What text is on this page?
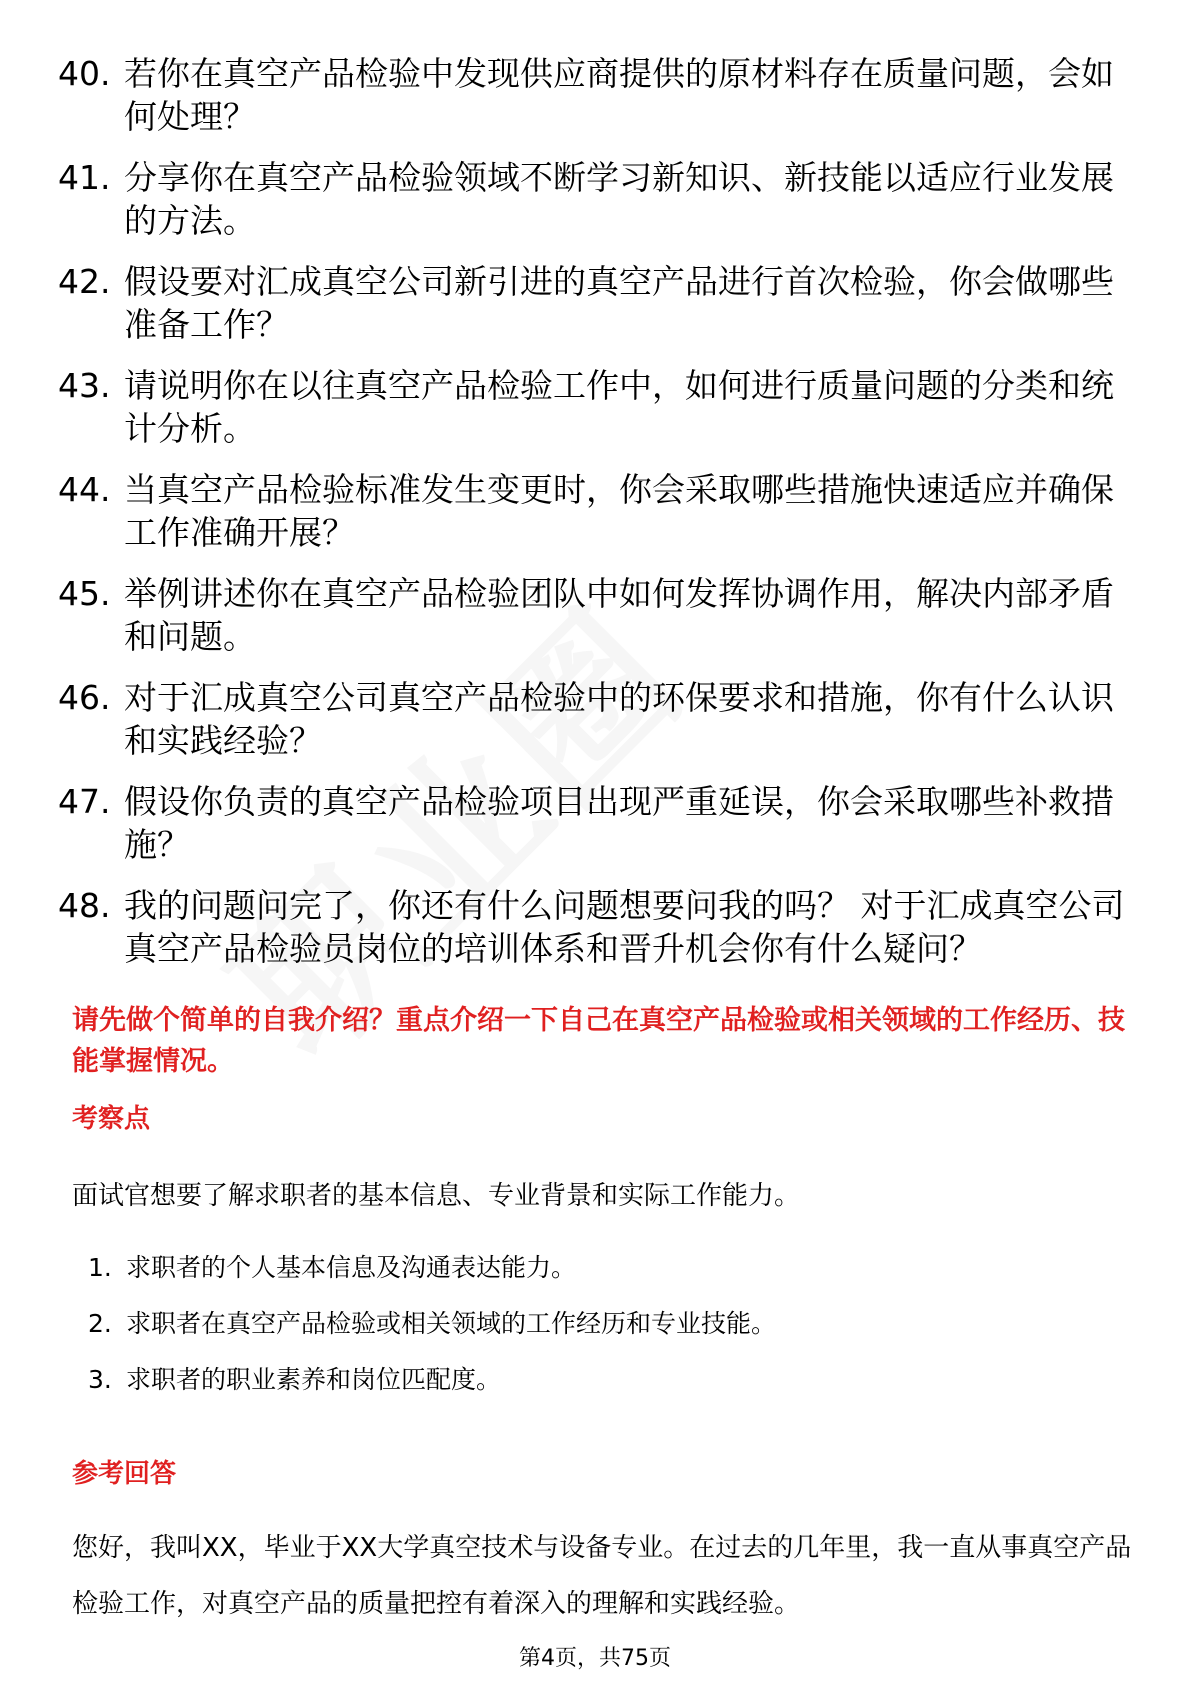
40. 若你在真空产品检验中发现供应商提供的原材料存在质量问题，会如何处理？
41. 分享你在真空产品检验领域不断学习新知识、新技能以适应行业发展的方法。
42. 假设要对汇成真空公司新引进的真空产品进行首次检验，你会做哪些准备工作？
43. 请说明你在以往真空产品检验工作中，如何进行质量问题的分类和统计分析。
44. 当真空产品检验标准发生变更时，你会采取哪些措施快速适应并确保工作准确开展？
45. 举例讲述你在真空产品检验团队中如何发挥协调作用，解决内部矛盾和问题。
46. 对于汇成真空公司真空产品检验中的环保要求和措施，你有什么认识和实践经验？
47. 假设你负责的真空产品检验项目出现严重延误，你会采取哪些补救措施？
48. 我的问题问完了，你还有什么问题想要问我的吗？ 对于汇成真空公司真空产品检验员岗位的培训体系和晋升机会你有什么疑问？
请先做个简单的自我介绍？重点介绍一下自己在真空产品检验或相关领域的工作经历、技能掌握情况。
考察点
面试官想要了解求职者的基本信息、专业背景和实际工作能力。
1. 求职者的个人基本信息及沟通表达能力。
2. 求职者在真空产品检验或相关领域的工作经历和专业技能。
3. 求职者的职业素养和岗位匹配度。
参考回答
您好，我叫XX，毕业于XX大学真空技术与设备专业。在过去的几年里，我一直从事真空产品检验工作，对真空产品的质量把控有着深入的理解和实践经验。
第4页，共75页
